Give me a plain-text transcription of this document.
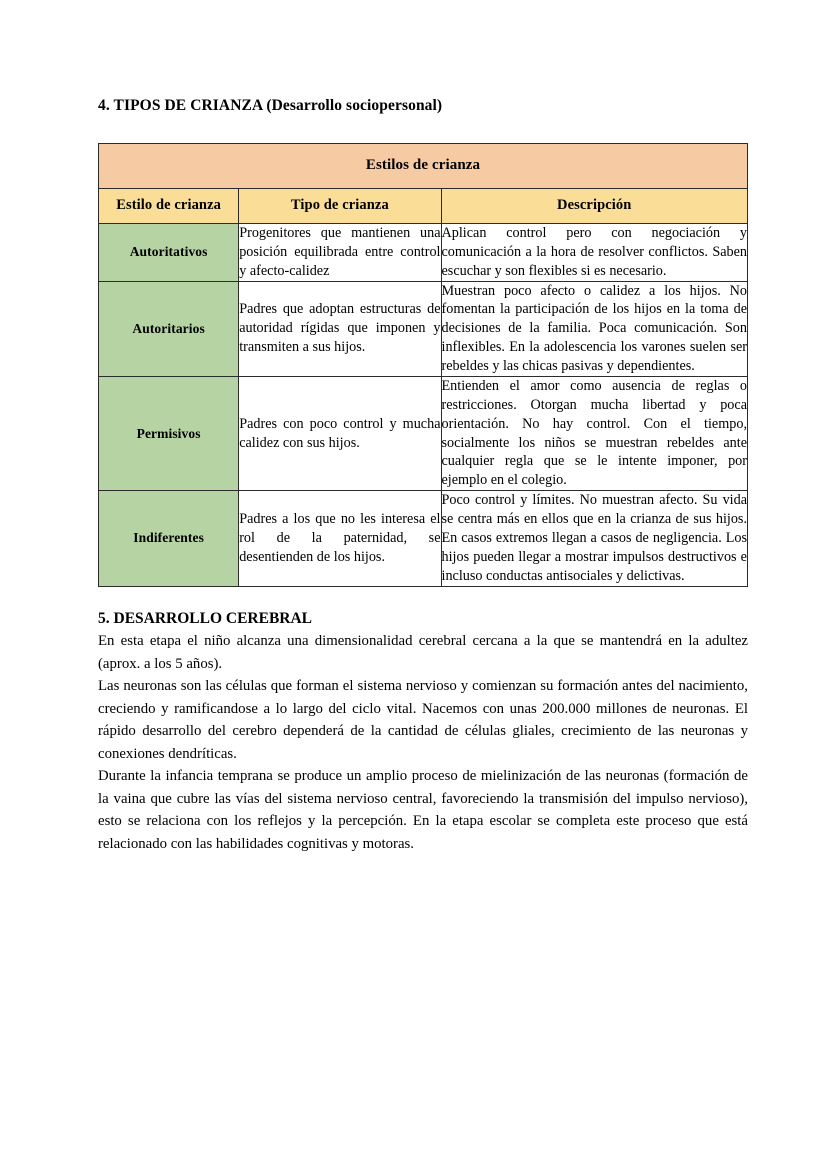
4. TIPOS DE CRIANZA (Desarrollo sociopersonal)
Estilos de crianza		
Estilo de crianza	Tipo de crianza	Descripción
Autoritativos	Progenitores que mantienen una posición equilibrada entre control y afecto-calidez	Aplican control pero con negociación y comunicación a la hora de resolver conflictos. Saben escuchar y son flexibles si es necesario.
Autoritarios	Padres que adoptan estructuras de autoridad rígidas que imponen y transmiten a sus hijos.	Muestran poco afecto o calidez a los hijos. No fomentan la participación de los hijos en la toma de decisiones de la familia. Poca comunicación. Son inflexibles. En la adolescencia los varones suelen ser rebeldes y las chicas pasivas y dependientes.
Permisivos	Padres con poco control y mucha calidez con sus hijos.	Entienden el amor como ausencia de reglas o restricciones. Otorgan mucha libertad y poca orientación. No hay control. Con el tiempo, socialmente los niños se muestran rebeldes ante cualquier regla que se le intente imponer, por ejemplo en el colegio.
Indiferentes	Padres a los que no les interesa el rol de la paternidad, se desentienden de los hijos.	Poco control y límites. No muestran afecto. Su vida se centra más en ellos que en la crianza de sus hijos. En casos extremos llegan a casos de negligencia. Los hijos pueden llegar a mostrar impulsos destructivos e incluso conductas antisociales y delictivas.
5. DESARROLLO CEREBRAL

En esta etapa el niño alcanza una dimensionalidad cerebral cercana a la que se mantendrá en la adultez (aprox. a los 5 años).

Las neuronas son las células que forman el sistema nervioso y comienzan su formación antes del nacimiento, creciendo y ramificandose a lo largo del ciclo vital. Nacemos con unas 200.000 millones de neuronas. El rápido desarrollo del cerebro dependerá de la cantidad de células gliales, crecimiento de las neuronas y conexiones dendríticas.

Durante la infancia temprana se produce un amplio proceso de mielinización de las neuronas (formación de la vaina que cubre las vías del sistema nervioso central, favoreciendo la transmisión del impulso nervioso), esto se relaciona con los reflejos y la percepción. En la etapa escolar se completa este proceso que está relacionado con las habilidades cognitivas y motoras.
